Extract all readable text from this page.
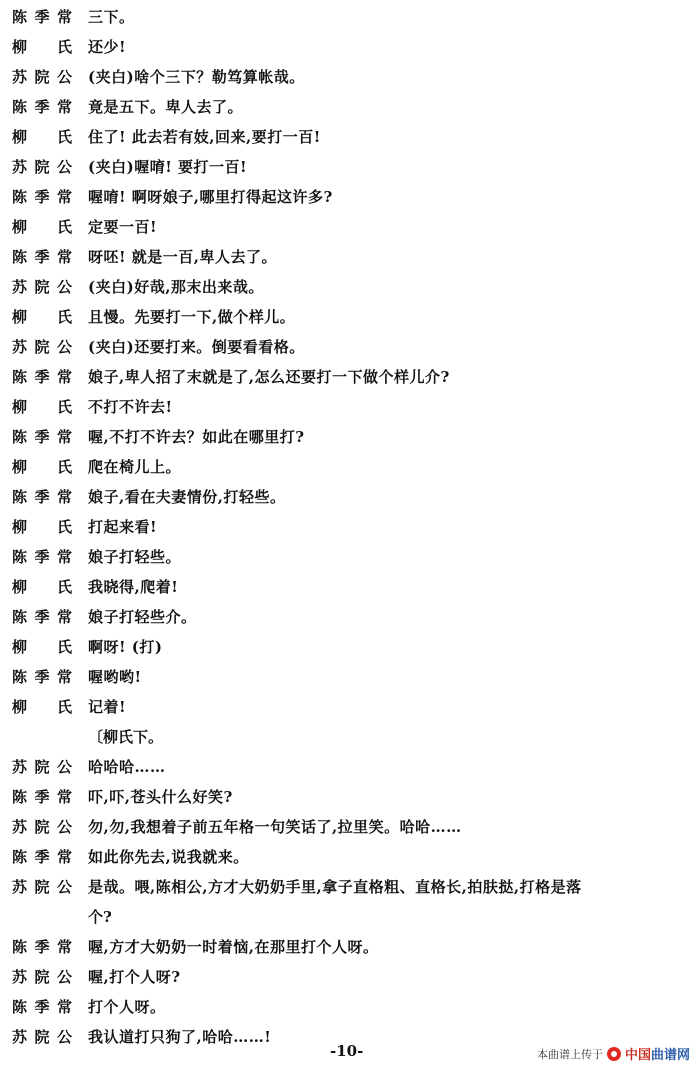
陈季常 三下。
柳氏 还少!
苏院公 (夹白)啥个三下？勒笃算帐哉。
陈季常 竟是五下。卑人去了。
柳氏 住了! 此去若有妓,回来,要打一百!
苏院公 (夹白)喔唷! 要打一百!
陈季常 喔唷! 啊呀娘子,哪里打得起这许多?
柳氏 定要一百!
陈季常 呀呸! 就是一百,卑人去了。
苏院公 (夹白)好哉,那末出来哉。
柳氏 且慢。先要打一下,做个样儿。
苏院公 (夹白)还要打来。倒要看看格。
陈季常 娘子,卑人招了末就是了,怎么还要打一下做个样儿介?
柳氏 不打不许去!
陈季常 喔,不打不许去？如此在哪里打?
柳氏 爬在椅儿上。
陈季常 娘子,看在夫妻情份,打轻些。
柳氏 打起来看!
陈季常 娘子打轻些。
柳氏 我晓得,爬着!
陈季常 娘子打轻些介。
柳氏 啊呀! (打)
陈季常 喔哟哟!
柳氏 记着!
〔柳氏下。
苏院公 哈哈哈……
陈季常 吓,吓,苍头什么好笑?
苏院公 勿,勿,我想着子前五年格一句笑话了,拉里笑。哈哈……
陈季常 如此你先去,说我就来。
苏院公 是哉。喂,陈相公,方才大奶奶手里,拿子直格粗、直格长,拍肤挞,打格是落
个?
陈季常 喔,方才大奶奶一时着恼,在那里打个人呀。
苏院公 喔,打个人呀?
陈季常 打个人呀。
苏院公 我认道打只狗了,哈哈……!
-10-	本曲谱上传于 中国曲谱网
